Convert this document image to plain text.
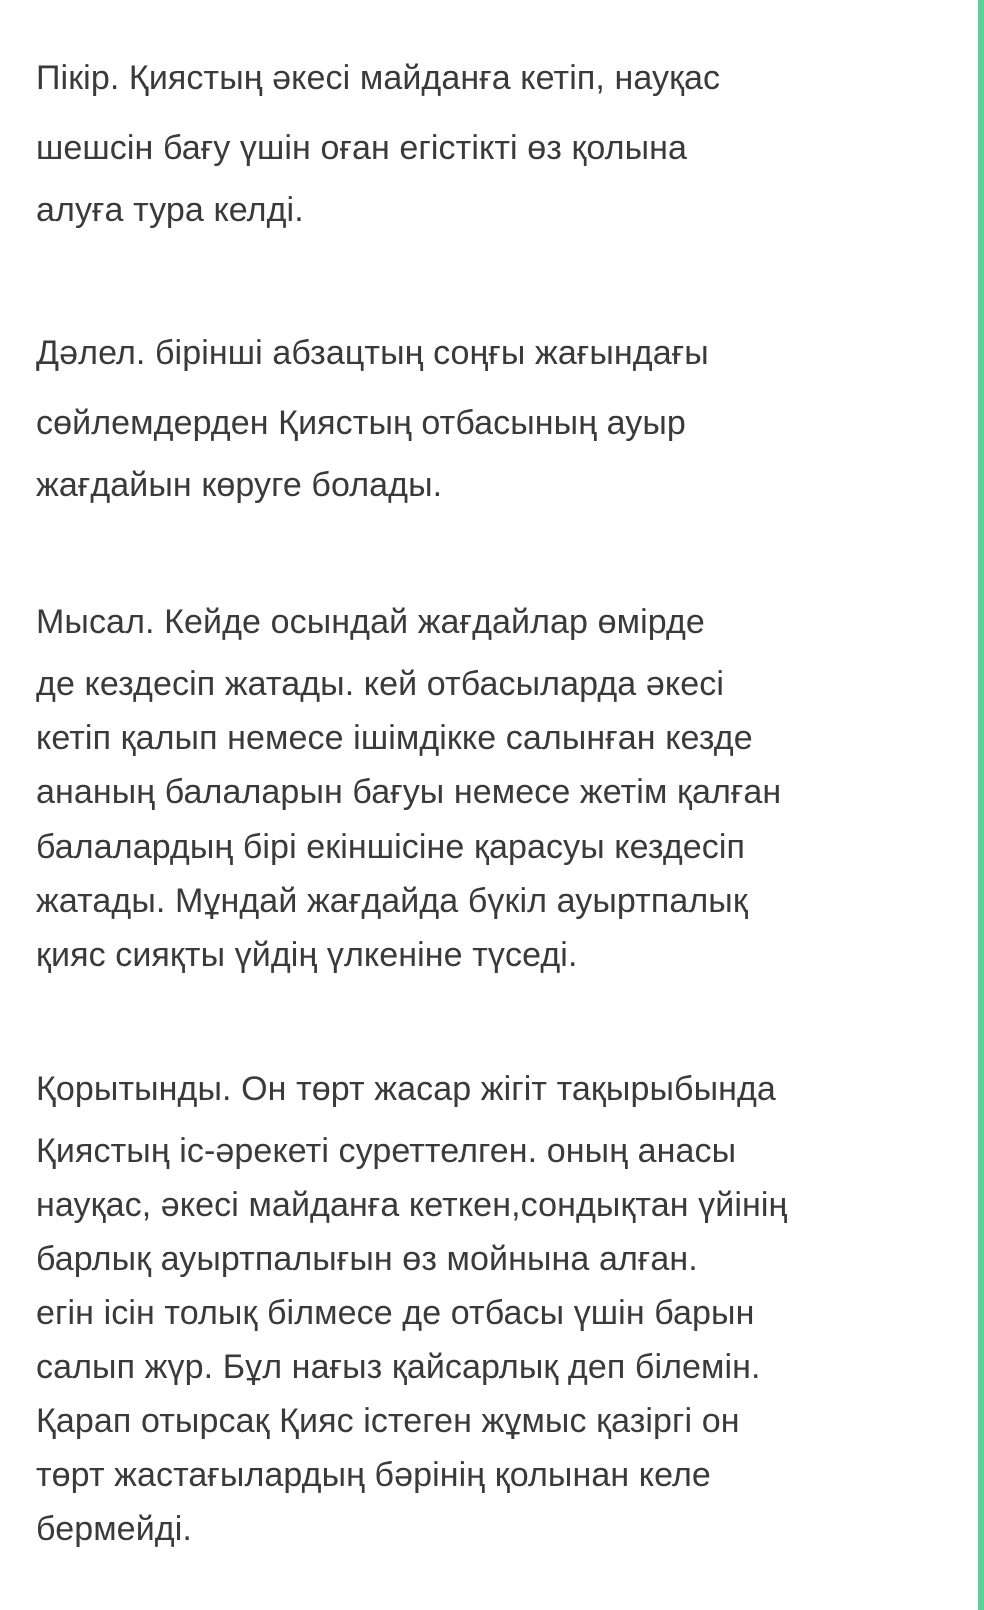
Пікір. Қиястың әкесі майданға кетіп, науқас
шешсін бағу үшін оған егістікті өз қолына
алуға тура келді.
Дәлел. бірінші абзацтың соңғы жағындағы
сөйлемдерден Қиястың отбасының ауыр
жағдайын көруге болады.
Мысал. Кейде осындай жағдайлар өмірде
де кездесіп жатады. кей отбасыларда әкесі
кетіп қалып немесе ішімдікке салынған кезде
ананың балаларын бағуы немесе жетім қалған
балалардың бірі екіншісіне қарасуы кездесіп
жатады. Мұндай жағдайда бүкіл ауыртпалық
қияс сияқты үйдің үлкеніне түседі.
Қорытынды. Он төрт жасар жігіт тақырыбында
Қиястың іс-әрекеті суреттелген. оның анасы
науқас, әкесі майданға кеткен,сондықтан үйінің
барлық ауыртпалығын өз мойнына алған.
егін ісін толық білмесе де отбасы үшін барын
салып жүр. Бұл нағыз қайсарлық деп білемін.
Қарап отырсақ Қияс істеген жұмыс қазіргі он
төрт жастағылардың бәрінің қолынан келе
бермейді.
